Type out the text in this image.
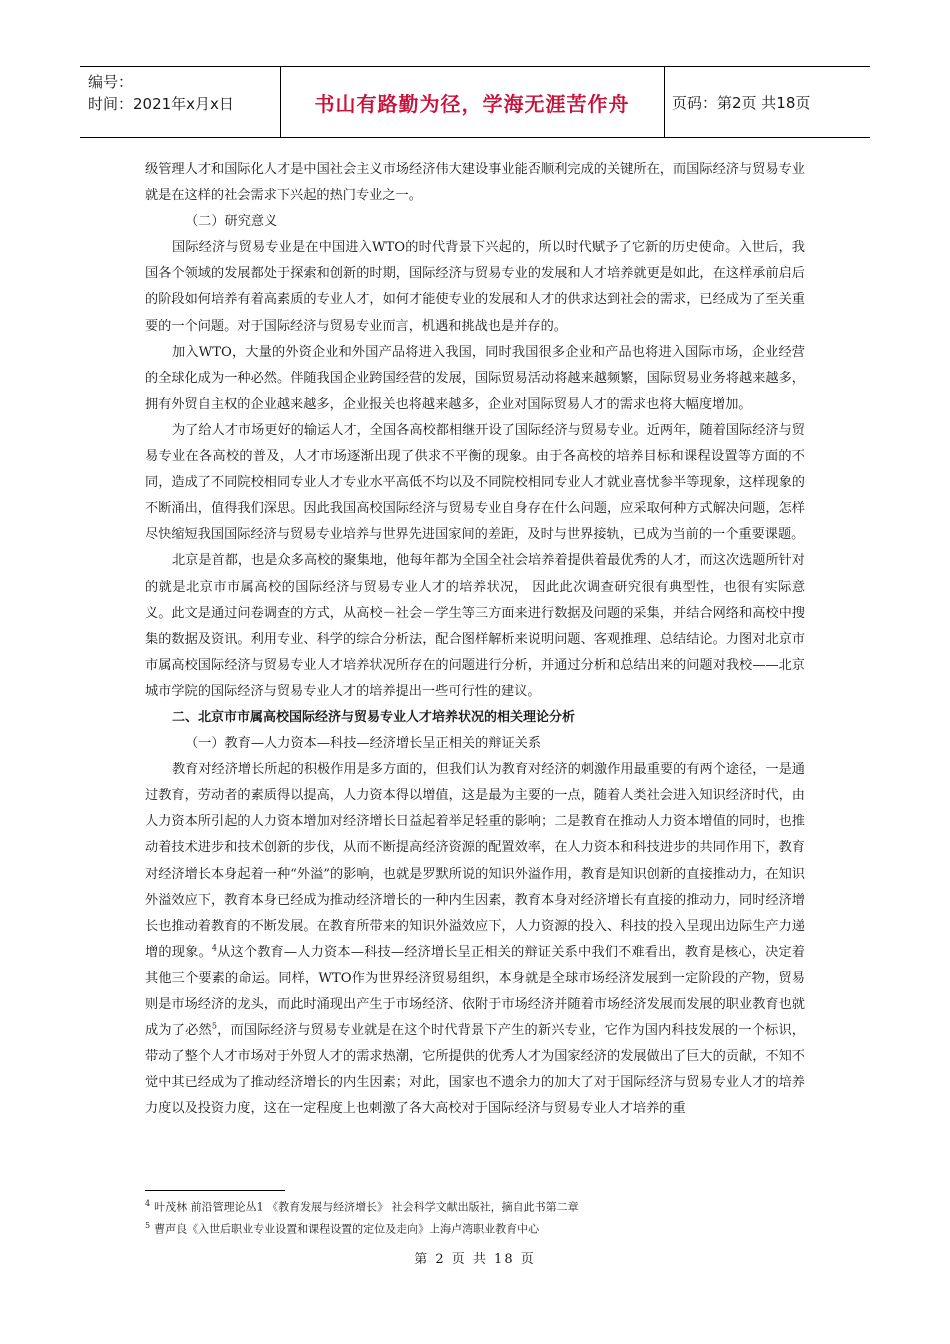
编号：
时间：2021年x月x日	书山有路勤为径，学海无涯苦作舟	页码：第2页 共18页

级管理人才和国际化人才是中国社会主义市场经济伟大建设事业能否顺利完成的关键所在，而国际经济与贸易专业就是在这样的社会需求下兴起的热门专业之一。

（二）研究意义

国际经济与贸易专业是在中国进入WTO的时代背景下兴起的，所以时代赋予了它新的历史使命。入世后，我国各个领域的发展都处于探索和创新的时期，国际经济与贸易专业的发展和人才培养就更是如此，在这样承前启后的阶段如何培养有着高素质的专业人才，如何才能使专业的发展和人才的供求达到社会的需求，已经成为了至关重要的一个问题。对于国际经济与贸易专业而言，机遇和挑战也是并存的。

加入WTO，大量的外资企业和外国产品将进入我国，同时我国很多企业和产品也将进入国际市场，企业经营的全球化成为一种必然。伴随我国企业跨国经营的发展，国际贸易活动将越来越频繁，国际贸易业务将越来越多，拥有外贸自主权的企业越来越多，企业报关也将越来越多，企业对国际贸易人才的需求也将大幅度增加。

为了给人才市场更好的输运人才，全国各高校都相继开设了国际经济与贸易专业。近两年，随着国际经济与贸易专业在各高校的普及，人才市场逐渐出现了供求不平衡的现象。由于各高校的培养目标和课程设置等方面的不同，造成了不同院校相同专业人才专业水平高低不均以及不同院校相同专业人才就业喜忧参半等现象，这样现象的不断涌出，值得我们深思。因此我国高校国际经济与贸易专业自身存在什么问题，应采取何种方式解决问题，怎样尽快缩短我国国际经济与贸易专业培养与世界先进国家间的差距，及时与世界接轨，已成为当前的一个重要课题。

北京是首都，也是众多高校的聚集地，他每年都为全国全社会培养着提供着最优秀的人才，而这次选题所针对的就是北京市市属高校的国际经济与贸易专业人才的培养状况， 因此此次调查研究很有典型性，也很有实际意义。此文是通过问卷调查的方式，从高校－社会－学生等三方面来进行数据及问题的采集，并结合网络和高校中搜集的数据及资讯。利用专业、科学的综合分析法，配合图样解析来说明问题、客观推理、总结结论。力图对北京市市属高校国际经济与贸易专业人才培养状况所存在的问题进行分析，并通过分析和总结出来的问题对我校——北京城市学院的国际经济与贸易专业人才的培养提出一些可行性的建议。

二、北京市市属高校国际经济与贸易专业人才培养状况的相关理论分析

（一）教育—人力资本—科技—经济增长呈正相关的辩证关系

教育对经济增长所起的积极作用是多方面的，但我们认为教育对经济的刺激作用最重要的有两个途径，一是通过教育，劳动者的素质得以提高，人力资本得以增值，这是最为主要的一点，随着人类社会进入知识经济时代，由人力资本所引起的人力资本增加对经济增长日益起着举足轻重的影响；二是教育在推动人力资本增值的同时，也推动着技术进步和技术创新的步伐，从而不断提高经济资源的配置效率，在人力资本和科技进步的共同作用下，教育对经济增长本身起着一种“外溢”的影响，也就是罗默所说的知识外溢作用，教育是知识创新的直接推动力，在知识外溢效应下，教育本身已经成为推动经济增长的一种内生因素，教育本身对经济增长有直接的推动力，同时经济增长也推动着教育的不断发展。在教育所带来的知识外溢效应下，人力资源的投入、科技的投入呈现出边际生产力递增的现象。$^4$从这个教育—人力资本—科技—经济增长呈正相关的辩证关系中我们不难看出，教育是核心，决定着其他三个要素的命运。同样，WTO作为世界经济贸易组织，本身就是全球市场经济发展到一定阶段的产物，贸易则是市场经济的龙头，而此时涌现出产生于市场经济、依附于市场经济并随着市场经济发展而发展的职业教育也就成为了必然$^5$，而国际经济与贸易专业就是在这个时代背景下产生的新兴专业，它作为国内科技发展的一个标识，带动了整个人才市场对于外贸人才的需求热潮，它所提供的优秀人才为国家经济的发展做出了巨大的贡献，不知不觉中其已经成为了推动经济增长的内生因素；对此，国家也不遗余力的加大了对于国际经济与贸易专业人才的培养力度以及投资力度，这在一定程度上也刺激了各大高校对于国际经济与贸易专业人才培养的重

$^4$ 叶茂林 前沿管理论丛1 《教育发展与经济增长》 社会科学文献出版社，摘自此书第二章
$^5$ 曹声良《入世后职业专业设置和课程设置的定位及走向》上海卢湾职业教育中心
第 2 页 共 18 页
